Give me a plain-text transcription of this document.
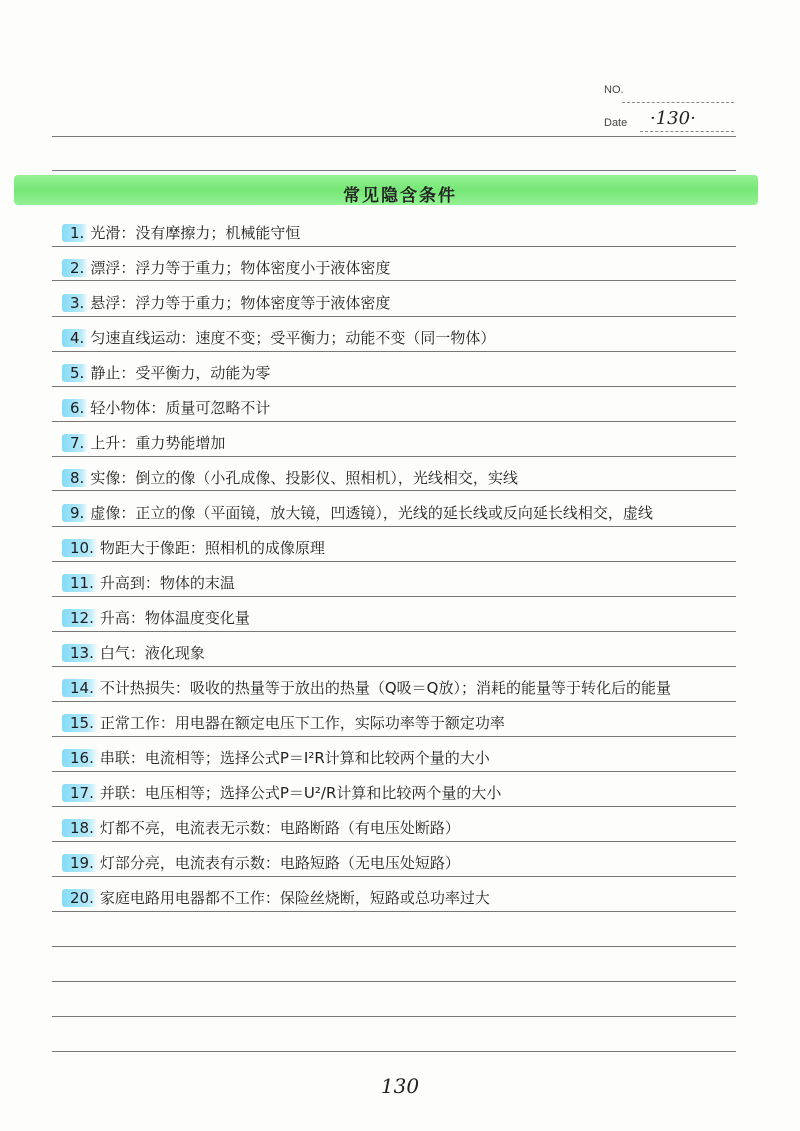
NO.
Date ·130·
常见隐含条件
1. 光滑：没有摩擦力；机械能守恒
2. 漂浮：浮力等于重力；物体密度小于液体密度
3. 悬浮：浮力等于重力；物体密度等于液体密度
4. 匀速直线运动：速度不变；受平衡力；动能不变（同一物体）
5. 静止：受平衡力，动能为零
6. 轻小物体：质量可忽略不计
7. 上升：重力势能增加
8. 实像：倒立的像（小孔成像、投影仪、照相机），光线相交，实线
9. 虚像：正立的像（平面镜，放大镜，凹透镜），光线的延长线或反向延长线相交，虚线
10. 物距大于像距：照相机的成像原理
11. 升高到：物体的末温
12. 升高：物体温度变化量
13. 白气：液化现象
14. 不计热损失：吸收的热量等于放出的热量（Q吸＝Q放）；消耗的能量等于转化后的能量
15. 正常工作：用电器在额定电压下工作，实际功率等于额定功率
16. 串联：电流相等；选择公式P＝I²R计算和比较两个量的大小
17. 并联：电压相等；选择公式P＝U²/R计算和比较两个量的大小
18. 灯都不亮，电流表无示数：电路断路（有电压处断路）
19. 灯部分亮，电流表有示数：电路短路（无电压处短路）
20. 家庭电路用电器都不工作：保险丝烧断，短路或总功率过大
130
